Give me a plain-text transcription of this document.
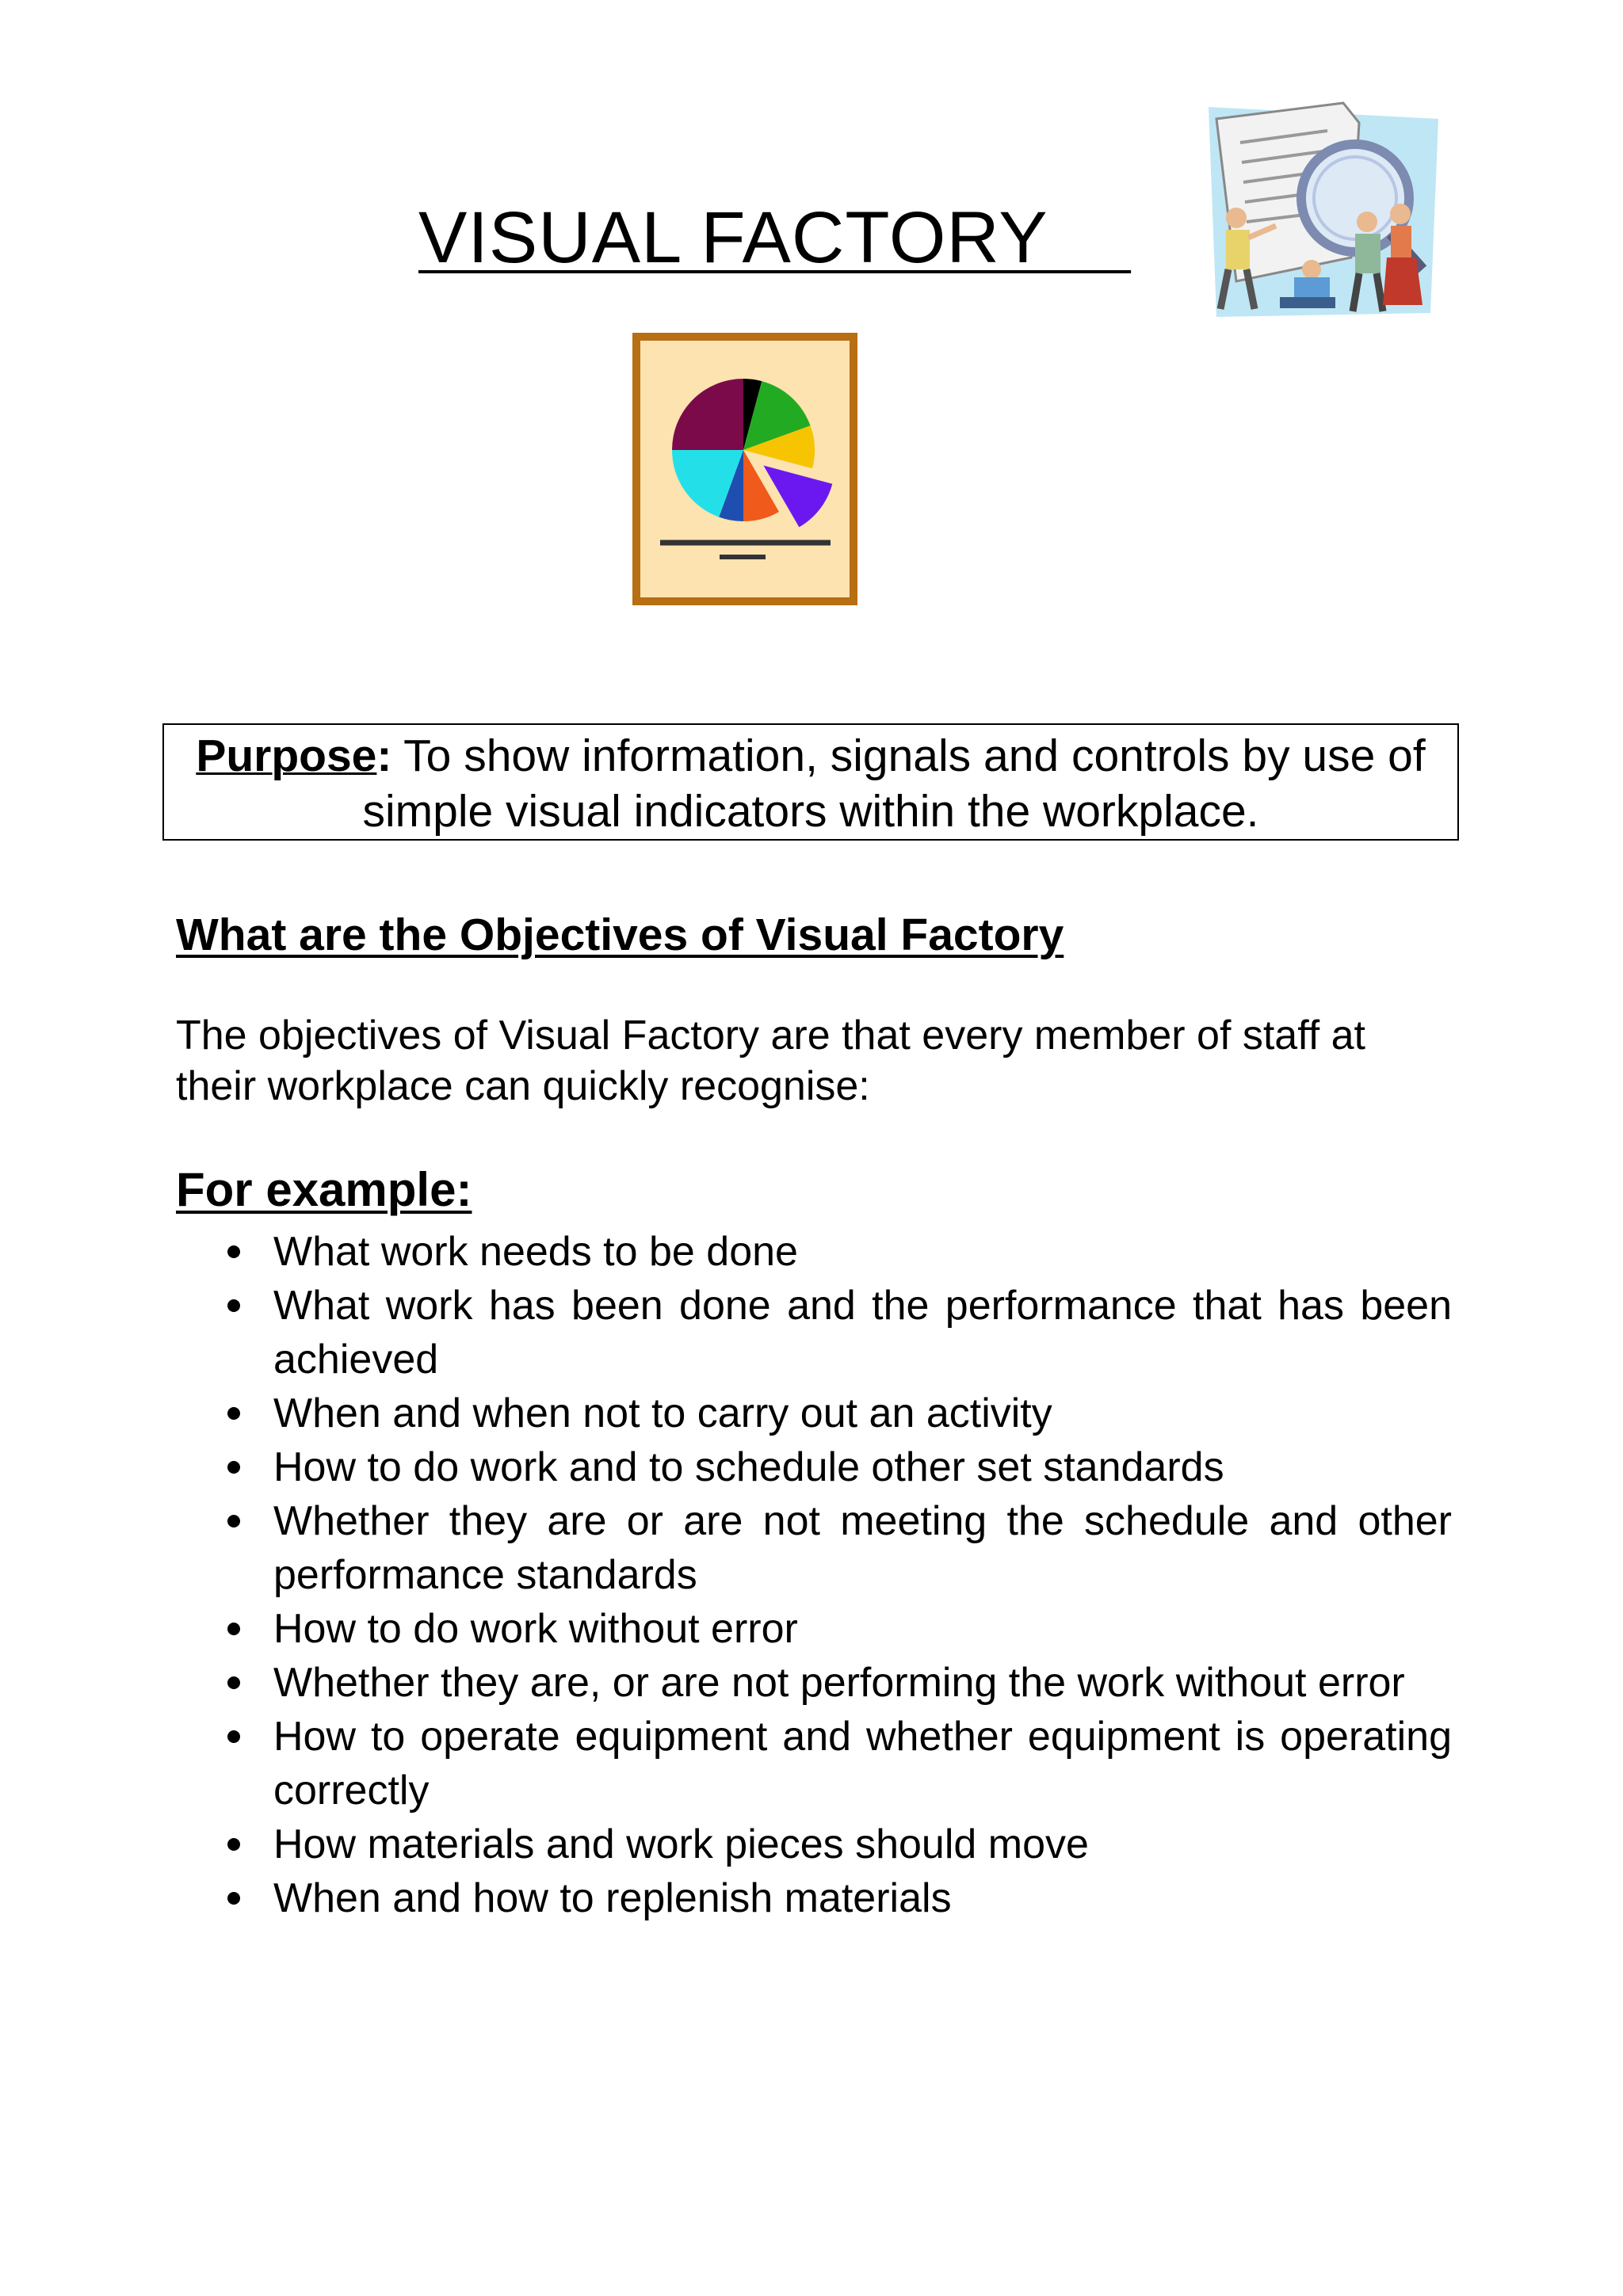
VISUAL FACTORY
Purpose: To show information, signals and controls by use of simple visual indicators within the workplace.
What are the Objectives of Visual Factory

The objectives of Visual Factory are that every member of staff at their workplace can quickly recognise:

For example:
What work needs to be done
What work has been done and the performance that has been achieved
When and when not to carry out an activity
How to do work and to schedule other set standards
Whether they are or are not meeting the schedule and other performance standards
How to do work without error
Whether they are, or are not performing the work without error
How to operate equipment and whether equipment is operating correctly
How materials and work pieces should move
When and how to replenish materials
